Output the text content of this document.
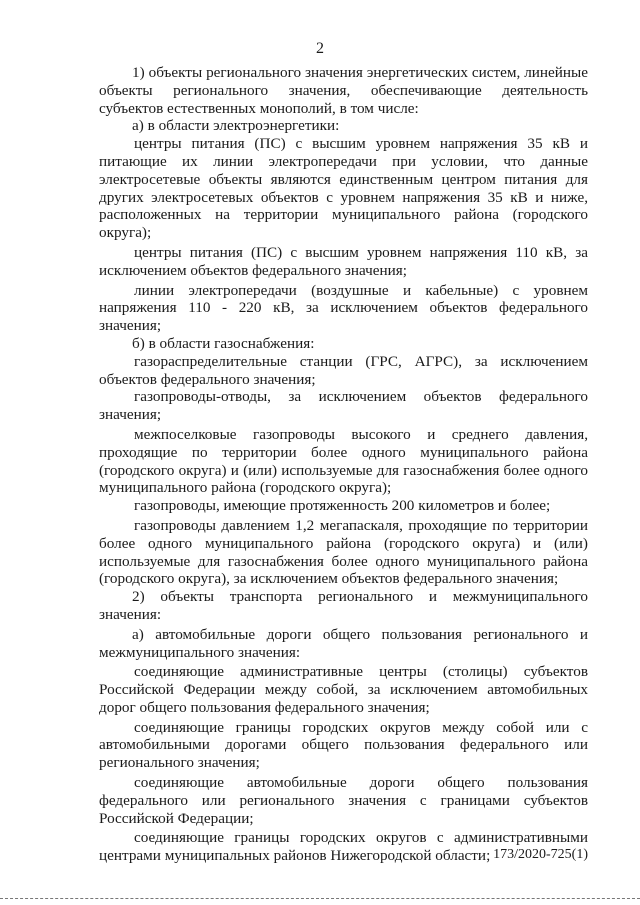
2

1) объекты регионального значения энергетических систем, линейные объекты регионального значения, обеспечивающие деятельность субъектов естественных монополий, в том числе:

а) в области электроэнергетики:

центры питания (ПС) с высшим уровнем напряжения 35 кВ и питающие их линии электропередачи при условии, что данные электросетевые объекты являются единственным центром питания для других электросетевых объектов с уровнем напряжения 35 кВ и ниже, расположенных на территории муниципального района (городского округа);

центры питания (ПС) с высшим уровнем напряжения 110 кВ, за исключением объектов федерального значения;

линии электропередачи (воздушные и кабельные) с уровнем напряжения 110 - 220 кВ, за исключением объектов федерального значения;

б) в области газоснабжения:

газораспределительные станции (ГРС, АГРС), за исключением объектов федерального значения;

газопроводы-отводы, за исключением объектов федерального значения;

межпоселковые газопроводы высокого и среднего давления, проходящие по территории более одного муниципального района (городского округа) и (или) используемые для газоснабжения более одного муниципального района (городского округа);

газопроводы, имеющие протяженность 200 километров и более;

газопроводы давлением 1,2 мегапаскаля, проходящие по территории более одного муниципального района (городского округа) и (или) используемые для газоснабжения более одного муниципального района (городского округа), за исключением объектов федерального значения;

2) объекты транспорта регионального и межмуниципального значения:

а) автомобильные дороги общего пользования регионального и межмуниципального значения:

соединяющие административные центры (столицы) субъектов Российской Федерации между собой, за исключением автомобильных дорог общего пользования федерального значения;

соединяющие границы городских округов между собой или с автомобильными дорогами общего пользования федерального или регионального значения;

соединяющие автомобильные дороги общего пользования федерального или регионального значения с границами субъектов Российской Федерации;

соединяющие границы городских округов с административными центрами муниципальных районов Нижегородской области; 173/2020-725(1)
